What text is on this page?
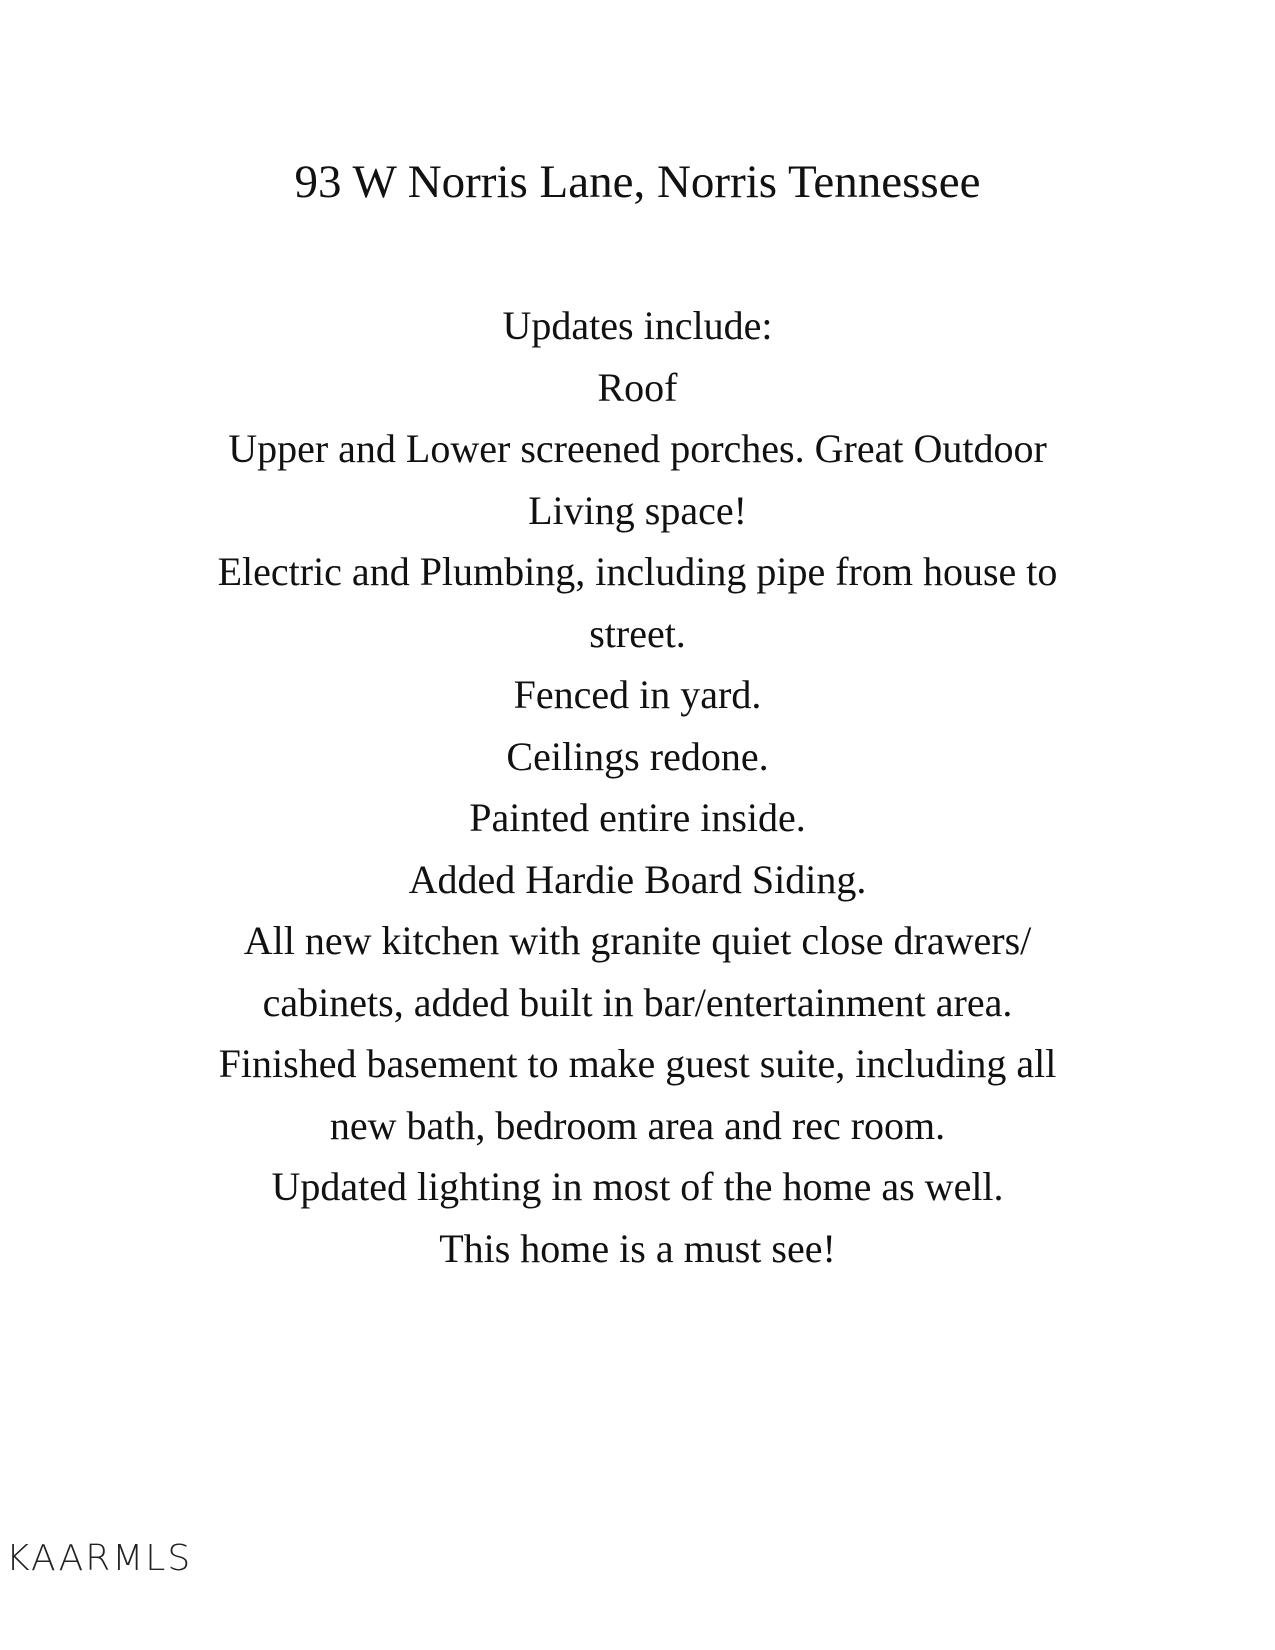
93 W Norris Lane, Norris Tennessee
Updates include:
Roof
Upper and Lower screened porches. Great Outdoor
Living space!
Electric and Plumbing, including pipe from house to
street.
Fenced in yard.
Ceilings redone.
Painted entire inside.
Added Hardie Board Siding.
All new kitchen with granite quiet close drawers/
cabinets, added built in bar/entertainment area.
Finished basement to make guest suite, including all
new bath, bedroom area and rec room.
Updated lighting in most of the home as well.
This home is a must see!
KAARMLS
